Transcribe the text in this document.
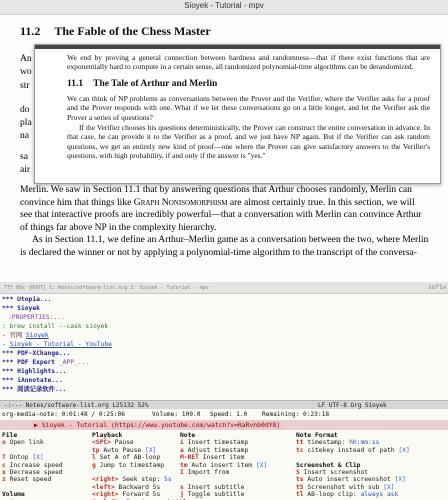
Sioyek - Tutorial - mpv
11.2 The Fable of the Chess Master
An
wo
str
do
pla
na
sa
air
Merlin. We saw in Section 11.1 that by answering questions that Arthur chooses randomly, Merlin can
convince him that things like Graph Nonisomorphism are almost certainly true. In this section, we will
see that interactive proofs are incredibly powerful—that a conversation with Merlin can convince Arthur
of things far above NP in the complexity hierarchy.
As in Section 11.1, we define an Arthur–Merlin game as a conversation between the two, where Merlin
is declared the winner or not by applying a polynomial-time algorithm to the transcript of the conversa-
We end by proving a general connection between hardness and randomness—that if there exist functions that are exponentially hard to compute in a certain sense, all randomized polynomial-time algorithms can be derandomized.
11.1 The Tale of Arthur and Merlin
We can think of NP problems as conversations between the Prover and the Verifier, where the Verifier asks for a proof and the Prover responds with one. What if we let these conversations go on a little longer, and let the Verifier ask the Prover a series of questions?
If the Verifier chooses his questions deterministically, the Prover can construct the entire conversation in advance. In that case, he can provide it to the Verifier as a proof, and we just have NP again. But if the Verifier can ask random questions, we get an entirely new kind of proof—one where the Prover can give satisfactory answers to the Verifier's questions, with high probability, if and only if the answer is "yes."
TTY 80x [ROOT] 1: Notes/software-list.org 2: Sioyek - Tutorial - mpv	softw
*** Utopia...
*** Sioyek
:PROPERTIES:...
: brew install --cask sioyek
- 官网 Sioyek
- Sioyek - Tutorial - YouTube
*** PDF-XChange...
*** PDF Expert _APP_...
*** Highlights...
*** iAnnotate...
*** 阅读记录软件...
-:--- Notes/software-list.org L25132 52%	LF UTF-8 Org Sioyek
org-media-note: 0:01:48 / 0:25:06	Volume: 100.0 Speed: 1.0 Remaining: 0:23:18
▶ Sioyek - Tutorial (https://www.youtube.com/watch?v=RaRvnb0dY8)
File
o Open link

T Ontop [X]
c Increase speed
x Decrease speed
z Reset speed

Volume
Playback
<SPC> Pause
tp Auto Pause [X]
l Set A of AB-loop
g Jump to timestamp

<right> Seek step: 5s
<left> Backward 5s
<right> Forward 5s
Note
i Insert timestamp
a Adjust timestamp
M-RET Insert item
tm Auto insert item [X]
I Import from

s Insert subtitle
j Toggle subtitle

Note Format
tt timestamp: hh:mm:ss
tc citekey instead of path [X]

Screenshot & Clip
S Insert screenshot
ts Auto insert screenshot [X]
tS Screenshot with sub [X]
tl AB-loop clip: always ask
